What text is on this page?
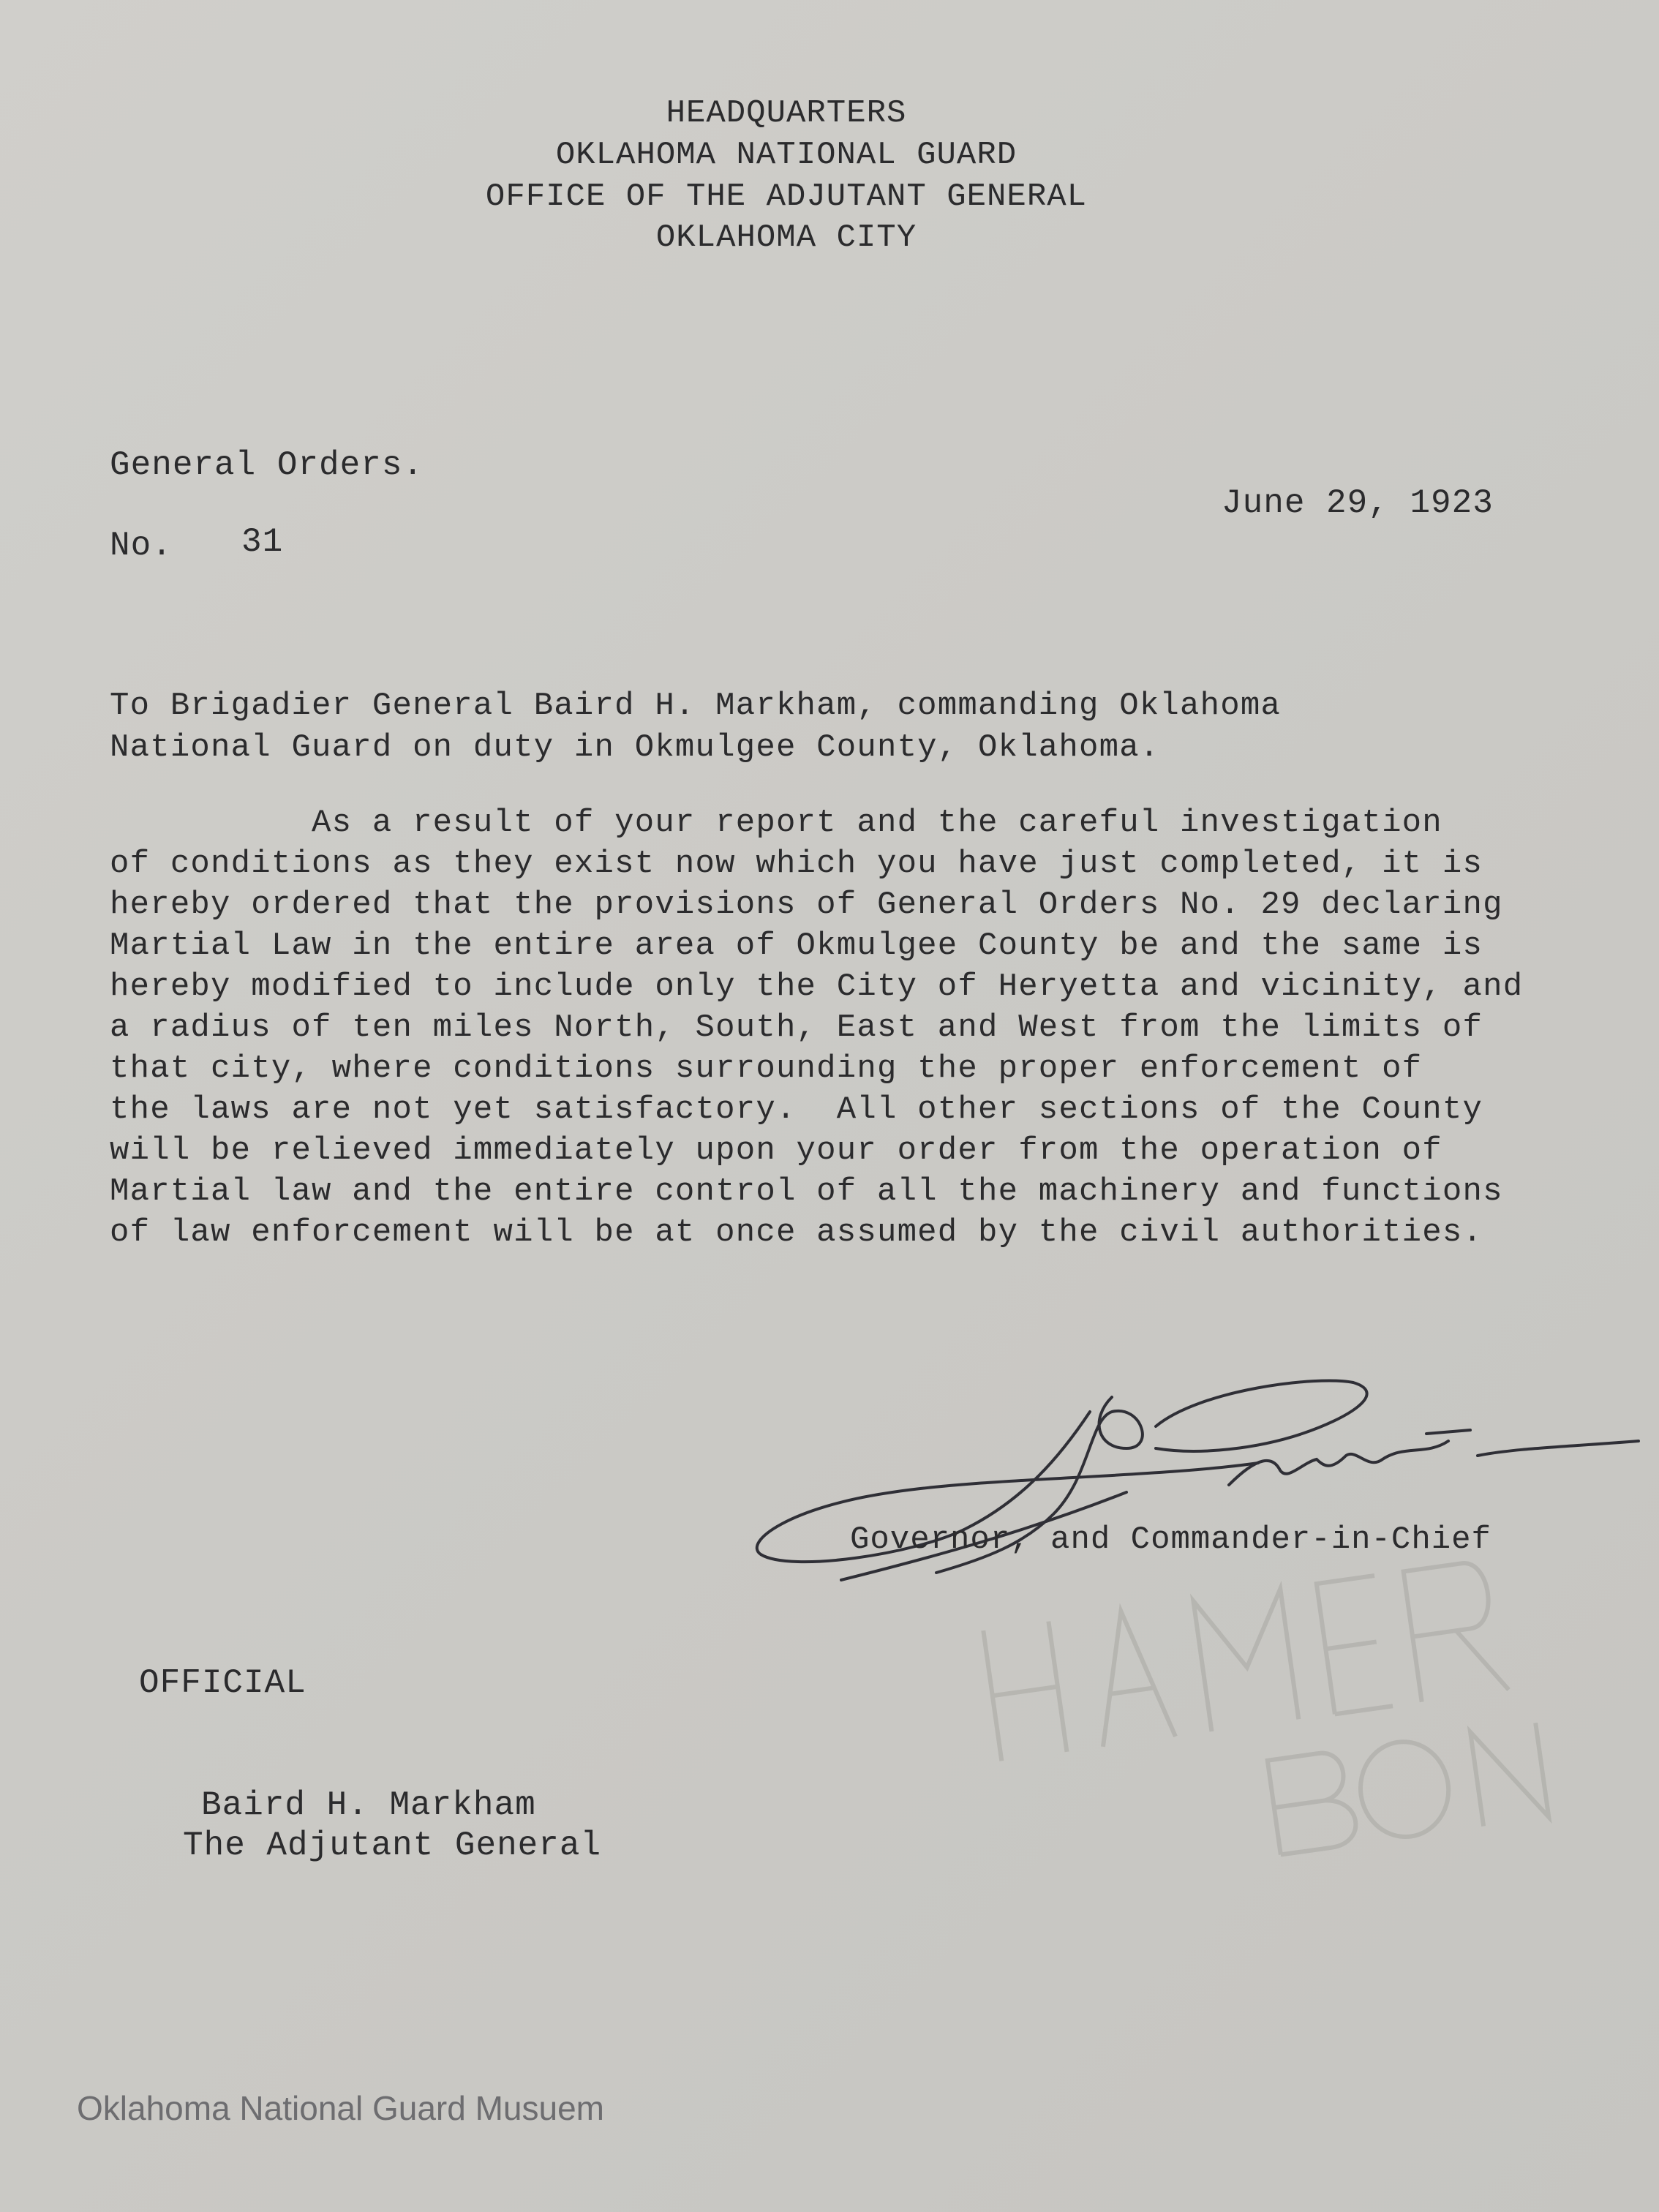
HEADQUARTERS
OKLAHOMA NATIONAL GUARD
OFFICE OF THE ADJUTANT GENERAL
OKLAHOMA CITY
General Orders.
No. 31
June 29, 1923
To Brigadier General Baird H. Markham, commanding Oklahoma
National Guard on duty in Okmulgee County, Oklahoma.
As a result of your report and the careful investigation
of conditions as they exist now which you have just completed, it is
hereby ordered that the provisions of General Orders No. 29 declaring
Martial Law in the entire area of Okmulgee County be and the same is
hereby modified to include only the City of Heryetta and vicinity, and
a radius of ten miles North, South, East and West from the limits of
that city, where conditions surrounding the proper enforcement of
the laws are not yet satisfactory.  All other sections of the County
will be relieved immediately upon your order from the operation of
Martial law and the entire control of all the machinery and functions
of law enforcement will be at once assumed by the civil authorities.
Governor, and Commander-in-Chief
OFFICIAL
Baird H. Markham
The Adjutant General
Oklahoma National Guard Musuem
